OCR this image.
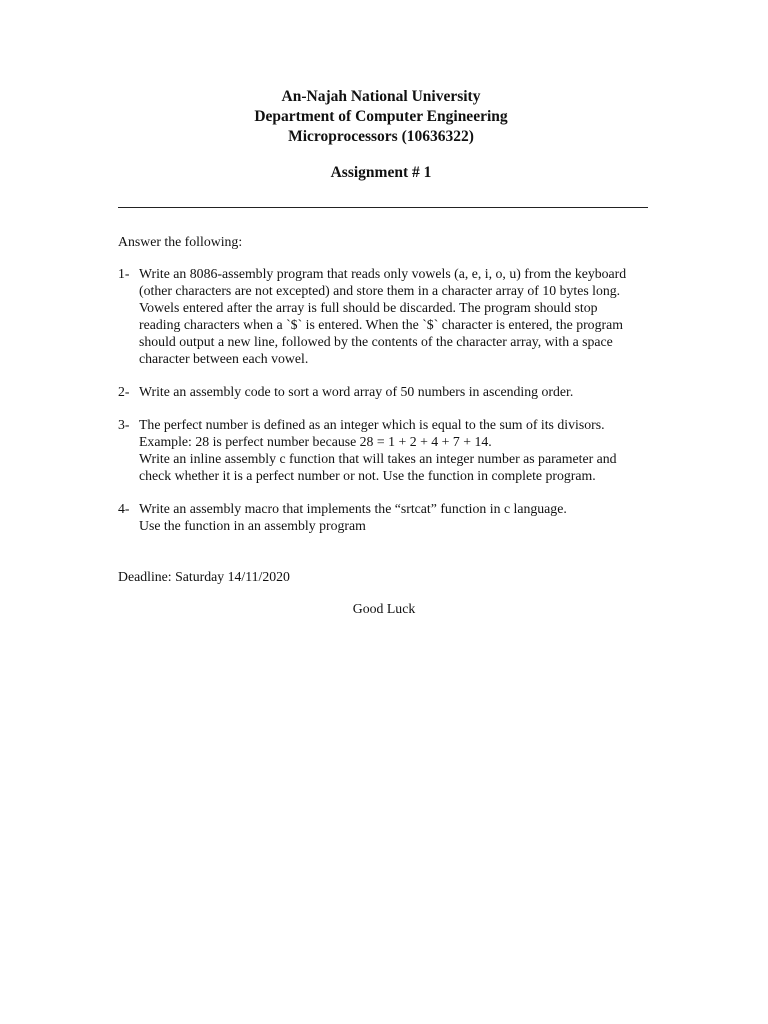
An-Najah National University
Department of Computer Engineering
Microprocessors (10636322)
Assignment # 1
Answer the following:
1- Write an 8086-assembly program that reads only vowels (a, e, i, o, u) from the keyboard
(other characters are not excepted) and store them in a character array of 10 bytes long.
Vowels entered after the array is full should be discarded. The program should stop
reading characters when a `$` is entered. When the `$` character is entered, the program
should output a new line, followed by the contents of the character array, with a space
character between each vowel.
2- Write an assembly code to sort a word array of 50 numbers in ascending order.
3- The perfect number is defined as an integer which is equal to the sum of its divisors.
Example: 28 is perfect number because 28 = 1 + 2 + 4 + 7 + 14.
Write an inline assembly c function that will takes an integer number as parameter and
check whether it is a perfect number or not. Use the function in complete program.
4- Write an assembly macro that implements the “srtcat” function in c language.
Use the function in an assembly program
Deadline: Saturday 14/11/2020
Good Luck
